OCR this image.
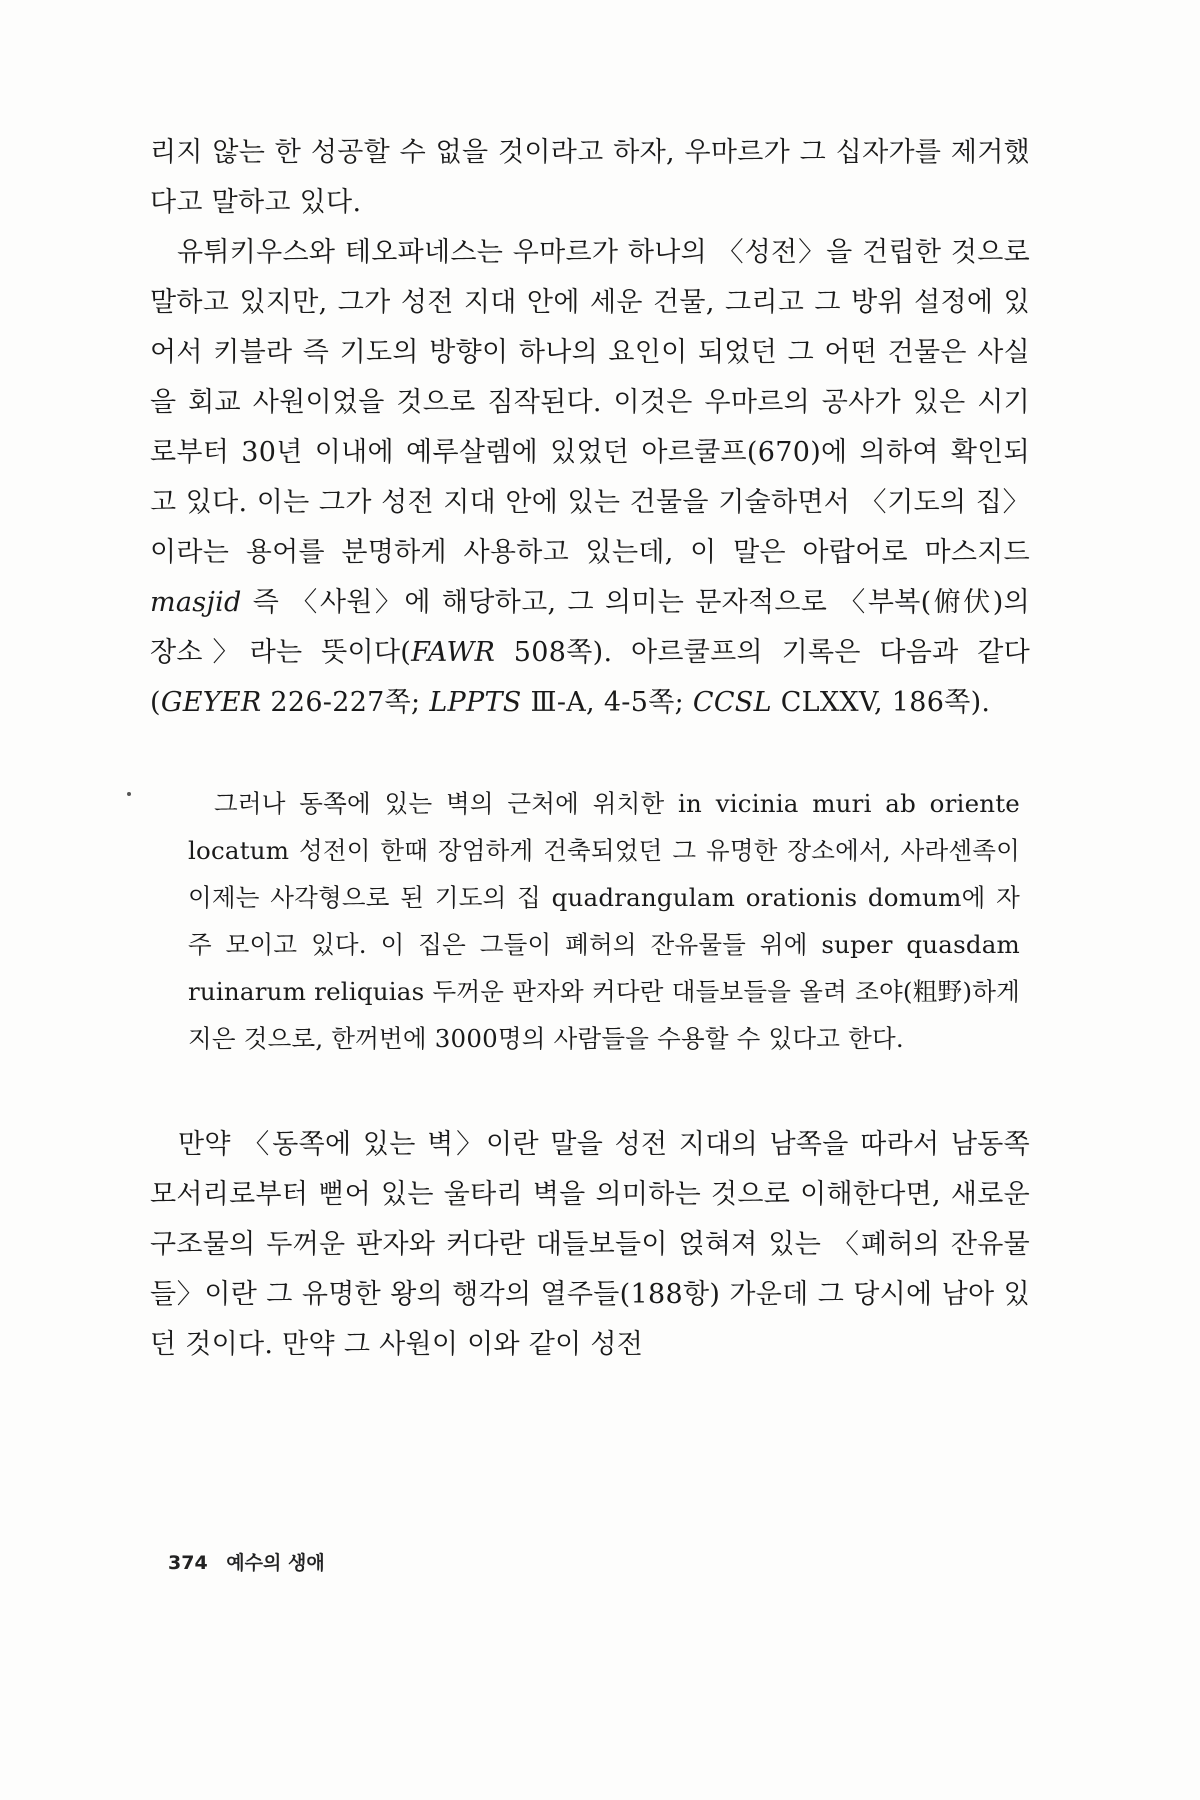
리지 않는 한 성공할 수 없을 것이라고 하자, 우마르가 그 십자가를 제거했다고 말하고 있다.

유튀키우스와 테오파네스는 우마르가 하나의 〈성전〉을 건립한 것으로 말하고 있지만, 그가 성전 지대 안에 세운 건물, 그리고 그 방위 설정에 있어서 키블라 즉 기도의 방향이 하나의 요인이 되었던 그 어떤 건물은 사실을 회교 사원이었을 것으로 짐작된다. 이것은 우마르의 공사가 있은 시기로부터 30년 이내에 예루살렘에 있었던 아르쿨프(670)에 의하여 확인되고 있다. 이는 그가 성전 지대 안에 있는 건물을 기술하면서 〈기도의 집〉이라는 용어를 분명하게 사용하고 있는데, 이 말은 아랍어로 마스지드 masjid 즉 〈사원〉에 해당하고, 그 의미는 문자적으로 〈부복(俯伏)의 장소〉라는 뜻이다(FAWR 508쪽). 아르쿨프의 기록은 다음과 같다(GEYER 226-227쪽; LPPTS Ⅲ-A, 4-5쪽; CCSL CLXXV, 186쪽).

그러나 동쪽에 있는 벽의 근처에 위치한 in vicinia muri ab oriente locatum 성전이 한때 장엄하게 건축되었던 그 유명한 장소에서, 사라센족이 이제는 사각형으로 된 기도의 집 quadrangulam orationis domum에 자주 모이고 있다. 이 집은 그들이 폐허의 잔유물들 위에 super quasdam ruinarum reliquias 두꺼운 판자와 커다란 대들보들을 올려 조야(粗野)하게 지은 것으로, 한꺼번에 3000명의 사람들을 수용할 수 있다고 한다.

만약 〈동쪽에 있는 벽〉이란 말을 성전 지대의 남쪽을 따라서 남동쪽 모서리로부터 뻗어 있는 울타리 벽을 의미하는 것으로 이해한다면, 새로운 구조물의 두꺼운 판자와 커다란 대들보들이 얹혀져 있는 〈폐허의 잔유물들〉이란 그 유명한 왕의 행각의 열주들(188항) 가운데 그 당시에 남아 있던 것이다. 만약 그 사원이 이와 같이 성전

374 예수의 생애
